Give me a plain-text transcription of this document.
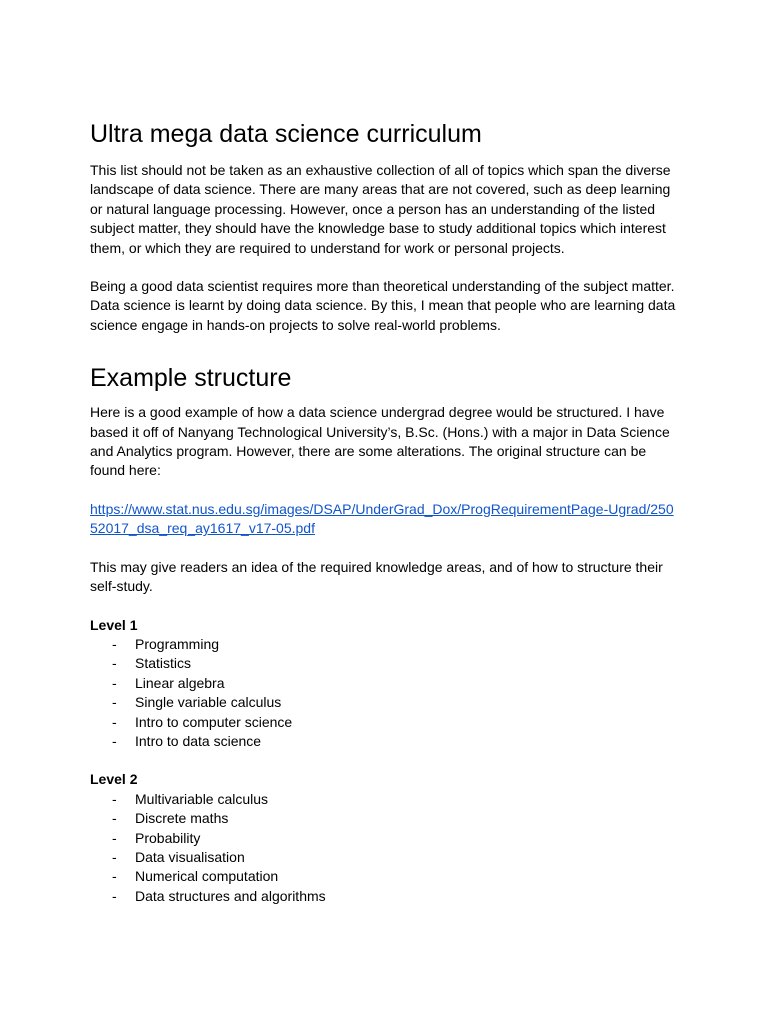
Ultra mega data science curriculum

This list should not be taken as an exhaustive collection of all of topics which span the diverse landscape of data science. There are many areas that are not covered, such as deep learning or natural language processing. However, once a person has an understanding of the listed subject matter, they should have the knowledge base to study additional topics which interest them, or which they are required to understand for work or personal projects.

Being a good data scientist requires more than theoretical understanding of the subject matter. Data science is learnt by doing data science. By this, I mean that people who are learning data science engage in hands-on projects to solve real-world problems.

Example structure

Here is a good example of how a data science undergrad degree would be structured. I have based it off of Nanyang Technological University’s, B.Sc. (Hons.) with a major in Data Science and Analytics program. However, there are some alterations. The original structure can be found here:

https://www.stat.nus.edu.sg/images/DSAP/UnderGrad_Dox/ProgRequirementPage-Ugrad/25052017_dsa_req_ay1617_v17-05.pdf

This may give readers an idea of the required knowledge areas, and of how to structure their self-study.

Level 1

- Programming
- Statistics
- Linear algebra
- Single variable calculus
- Intro to computer science
- Intro to data science

Level 2

- Multivariable calculus
- Discrete maths
- Probability
- Data visualisation
- Numerical computation
- Data structures and algorithms
